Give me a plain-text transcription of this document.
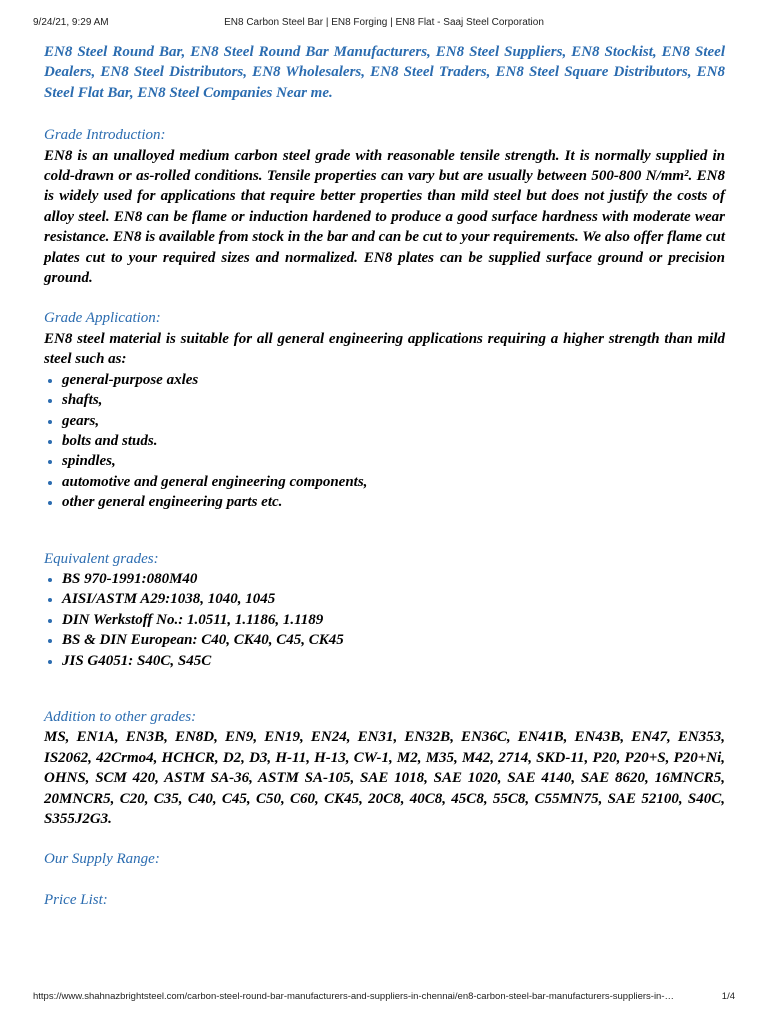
9/24/21, 9:29 AM	EN8 Carbon Steel Bar | EN8 Forging | EN8 Flat - Saaj Steel Corporation

EN8 Steel Round Bar, EN8 Steel Round Bar Manufacturers, EN8 Steel Suppliers, EN8 Stockist, EN8 Steel Dealers, EN8 Steel Distributors, EN8 Wholesalers, EN8 Steel Traders, EN8 Steel Square Distributors, EN8 Steel Flat Bar, EN8 Steel Companies Near me.

Grade Introduction:

EN8 is an unalloyed medium carbon steel grade with reasonable tensile strength. It is normally supplied in cold-drawn or as-rolled conditions. Tensile properties can vary but are usually between 500-800 N/mm². EN8 is widely used for applications that require better properties than mild steel but does not justify the costs of alloy steel. EN8 can be flame or induction hardened to produce a good surface hardness with moderate wear resistance. EN8 is available from stock in the bar and can be cut to your requirements. We also offer flame cut plates cut to your required sizes and normalized. EN8 plates can be supplied surface ground or precision ground.

Grade Application:

EN8 steel material is suitable for all general engineering applications requiring a higher strength than mild steel such as:

general-purpose axles
shafts,
gears,
bolts and studs.
spindles,
automotive and general engineering components,
other general engineering parts etc.
Equivalent grades:
BS 970-1991:080M40
AISI/ASTM A29:1038, 1040, 1045
DIN Werkstoff No.: 1.0511, 1.1186, 1.1189
BS & DIN European: C40, CK40, C45, CK45
JIS G4051: S40C, S45C
Addition to other grades:

MS, EN1A, EN3B, EN8D, EN9, EN19, EN24, EN31, EN32B, EN36C, EN41B, EN43B, EN47, EN353, IS2062, 42Crmo4, HCHCR, D2, D3, H-11, H-13, CW-1, M2, M35, M42, 2714, SKD-11, P20, P20+S, P20+Ni, OHNS, SCM 420, ASTM SA-36, ASTM SA-105, SAE 1018, SAE 1020, SAE 4140, SAE 8620, 16MNCR5, 20MNCR5, C20, C35, C40, C45, C50, C60, CK45, 20C8, 40C8, 45C8, 55C8, C55MN75, SAE 52100, S40C, S355J2G3.

Our Supply Range:
Price List:
https://www.shahnazbrightsteel.com/carbon-steel-round-bar-manufacturers-and-suppliers-in-chennai/en8-carbon-steel-bar-manufacturers-suppliers-in-…	1/4
